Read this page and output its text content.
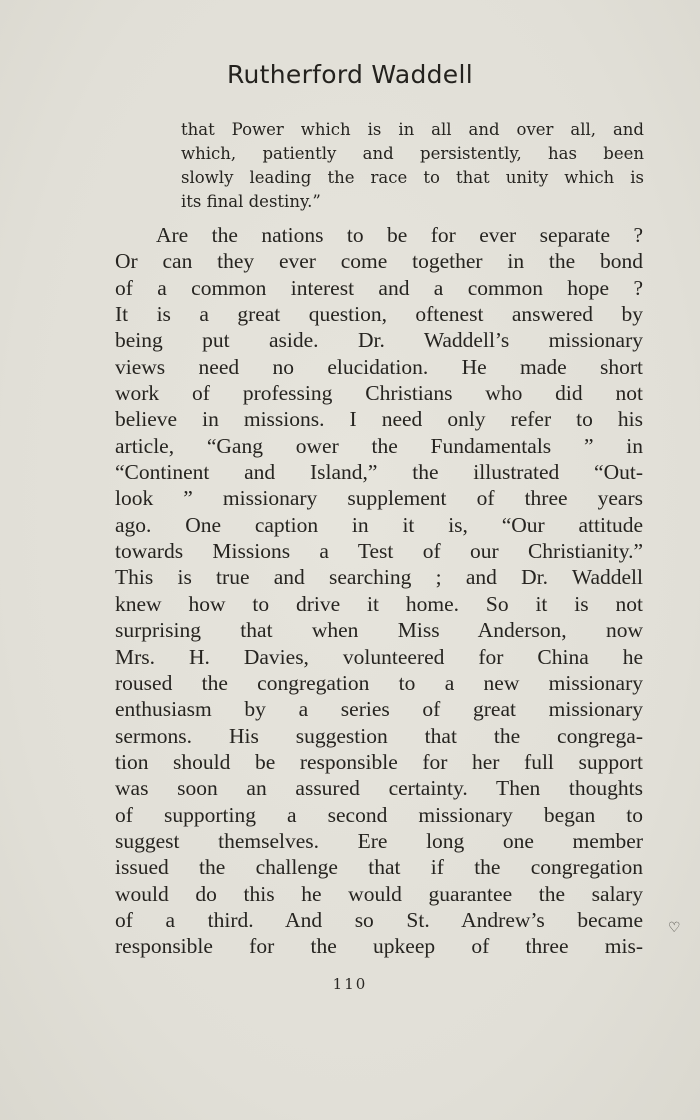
Rutherford Waddell
that Power which is in all and over all, and
which, patiently and persistently, has been
slowly leading the race to that unity which is
its final destiny.”
Are the nations to be for ever separate ?
Or can they ever come together in the bond
of a common interest and a common hope ?
It is a great question, oftenest answered by
being put aside. Dr. Waddell’s missionary
views need no elucidation. He made short
work of professing Christians who did not
believe in missions. I need only refer to his
article, “Gang ower the Fundamentals ” in
“Continent and Island,” the illustrated “Out-
look ” missionary supplement of three years
ago. One caption in it is, “Our attitude
towards Missions a Test of our Christianity.”
This is true and searching ; and Dr. Waddell
knew how to drive it home. So it is not
surprising that when Miss Anderson, now
Mrs. H. Davies, volunteered for China he
roused the congregation to a new missionary
enthusiasm by a series of great missionary
sermons. His suggestion that the congrega-
tion should be responsible for her full support
was soon an assured certainty. Then thoughts
of supporting a second missionary began to
suggest themselves. Ere long one member
issued the challenge that if the congregation
would do this he would guarantee the salary
of a third. And so St. Andrew’s became
responsible for the upkeep of three mis-
♡
110
